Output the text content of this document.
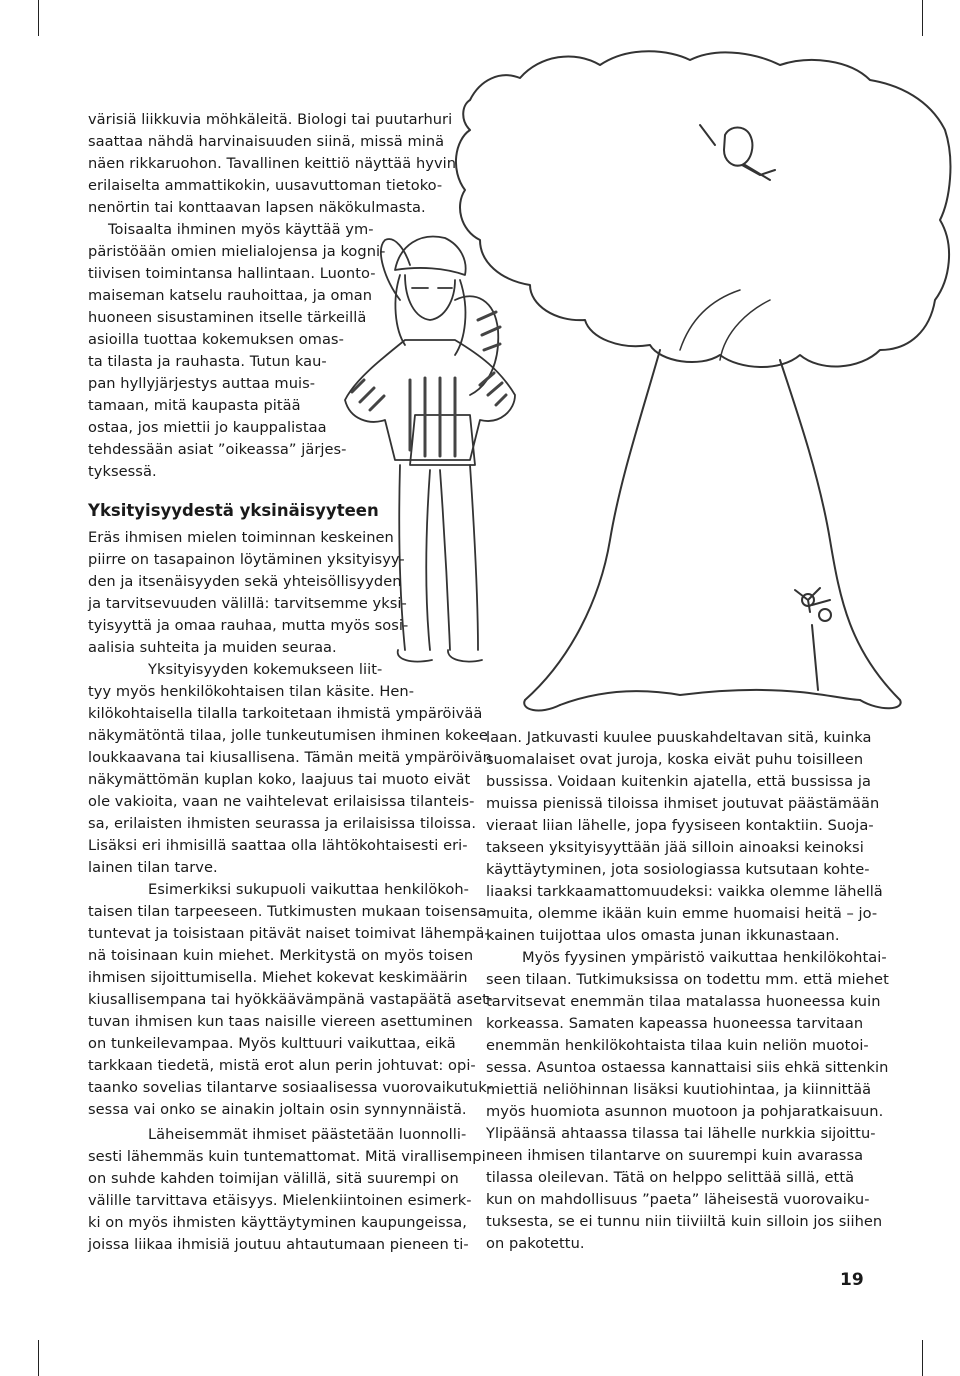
värisiä liikkuvia möhkäleitä. Biologi tai puutarhuri
saattaa nähdä harvinaisuuden siinä, missä minä
näen rikkaruohon. Tavallinen keittiö näyttää hyvin
erilaiselta ammattikokin, uusavuttoman tietoko-
nenörtin tai konttaavan lapsen näkökulmasta.
Toisaalta ihminen myös käyttää ym-
päristöään omien mielialojensa ja kogni-
tiivisen toimintansa hallintaan. Luonto-
maiseman katselu rauhoittaa, ja oman
huoneen sisustaminen itselle tärkeillä
asioilla tuottaa kokemuksen omas-
ta tilasta ja rauhasta. Tutun kau-
pan hyllyjärjestys auttaa muis-
tamaan, mitä kaupasta pitää
ostaa, jos miettii jo kauppalistaa
tehdessään asiat ”oikeassa” järjes-
tyksessä.
Yksityisyydestä yksinäisyyteen
Eräs ihmisen mielen toiminnan keskeinen
piirre on tasapainon löytäminen yksityisyy-
den ja itsenäisyyden sekä yhteisöllisyyden
ja tarvitsevuuden välillä: tarvitsemme yksi-
tyisyyttä ja omaa rauhaa, mutta myös sosi-
aalisia suhteita ja muiden seuraa.
Yksityisyyden kokemukseen liit-
tyy myös henkilökohtaisen tilan käsite. Hen-
kilökohtaisella tilalla tarkoitetaan ihmistä ympäröivää
näkymätöntä tilaa, jolle tunkeutumisen ihminen kokee
loukkaavana tai kiusallisena. Tämän meitä ympäröivän
näkymättömän kuplan koko, laajuus tai muoto eivät
ole vakioita, vaan ne vaihtelevat erilaisissa tilanteis-
sa, erilaisten ihmisten seurassa ja erilaisissa tiloissa.
Lisäksi eri ihmisillä saattaa olla lähtökohtaisesti eri-
lainen tilan tarve.
Esimerkiksi sukupuoli vaikuttaa henkilökoh-
taisen tilan tarpeeseen. Tutkimusten mukaan toisensa
tuntevat ja toisistaan pitävät naiset toimivat lähempä-
nä toisinaan kuin miehet. Merkitystä on myös toisen
ihmisen sijoittumisella. Miehet kokevat keskimäärin
kiusallisempana tai hyökkäävämpänä vastapäätä aset-
tuvan ihmisen kun taas naisille viereen asettuminen
on tunkeilevampaa. Myös kulttuuri vaikuttaa, eikä
tarkkaan tiedetä, mistä erot alun perin johtuvat: opi-
taanko sovelias tilantarve sosiaalisessa vuorovaikutuk-
sessa vai onko se ainakin joltain osin synnynnäistä.
Läheisemmät ihmiset päästetään luonnolli-
sesti lähemmäs kuin tuntemattomat. Mitä virallisempi
on suhde kahden toimijan välillä, sitä suurempi on
välille tarvittava etäisyys. Mielenkiintoinen esimerk-
ki on myös ihmisten käyttäytyminen kaupungeissa,
joissa liikaa ihmisiä joutuu ahtautumaan pieneen ti-
laan. Jatkuvasti kuulee puuskahdeltavan sitä, kuinka
suomalaiset ovat juroja, koska eivät puhu toisilleen
bussissa. Voidaan kuitenkin ajatella, että bussissa ja
muissa pienissä tiloissa ihmiset joutuvat päästämään
vieraat liian lähelle, jopa fyysiseen kontaktiin. Suoja-
takseen yksityisyyttään jää silloin ainoaksi keinoksi
käyttäytyminen, jota sosiologiassa kutsutaan kohte-
liaaksi tarkkaamattomuudeksi: vaikka olemme lähellä
muita, olemme ikään kuin emme huomaisi heitä – jo-
kainen tuijottaa ulos omasta junan ikkunastaan.
Myös fyysinen ympäristö vaikuttaa henkilökohtai-
seen tilaan. Tutkimuksissa on todettu mm. että miehet
tarvitsevat enemmän tilaa matalassa huoneessa kuin
korkeassa. Samaten kapeassa huoneessa tarvitaan
enemmän henkilökohtaista tilaa kuin neliön muotoi-
sessa. Asuntoa ostaessa kannattaisi siis ehkä sittenkin
miettiä neliöhinnan lisäksi kuutiohintaa, ja kiinnittää
myös huomiota asunnon muotoon ja pohjaratkaisuun.
Ylipäänsä ahtaassa tilassa tai lähelle nurkkia sijoittu-
neen ihmisen tilantarve on suurempi kuin avarassa
tilassa oleilevan. Tätä on helppo selittää sillä, että
kun on mahdollisuus ”paeta” läheisestä vuorovaiku-
tuksesta, se ei tunnu niin tiiviiltä kuin silloin jos siihen
on pakotettu.
19
